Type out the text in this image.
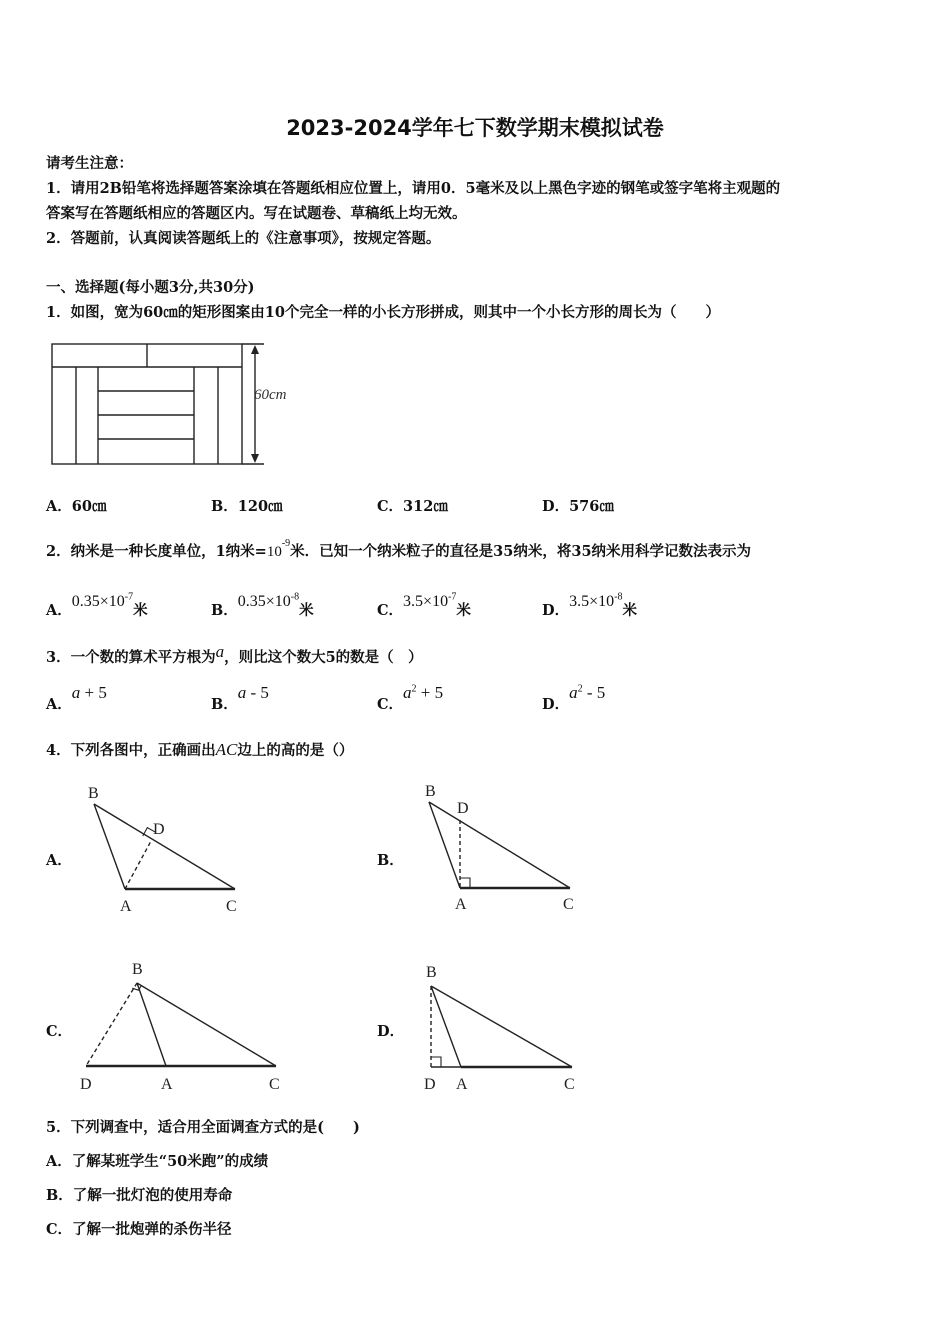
2023-2024学年七下数学期末模拟试卷
请考生注意：
1．请用2B铅笔将选择题答案涂填在答题纸相应位置上，请用0．5毫米及以上黑色字迹的钢笔或签字笔将主观题的
答案写在答题纸相应的答题区内。写在试题卷、草稿纸上均无效。
2．答题前，认真阅读答题纸上的《注意事项》，按规定答题。
一、选择题(每小题3分,共30分)
1．如图，宽为60㎝的矩形图案由10个完全一样的小长方形拼成，则其中一个小长方形的周长为（　　）
60cm
A．60㎝	B．120㎝	C．312㎝	D．576㎝
2．纳米是一种长度单位，1纳米$=10^{-9}$米．已知一个纳米粒子的直径是35纳米，将35纳米用科学记数法表示为
A．$0.35\times 10^{-7}$米	B．$0.35\times 10^{-8}$米	C．$3.5\times 10^{-7}$米	D．$3.5\times 10^{-8}$米
3．一个数的算术平方根为a，则比这个数大5的数是（　）
A．a + 5
B．a - 5
C．$a^2 + 5$
D．$a^2 - 5$
4．下列各图中，正确画出AC边上的高的是（）
A．
B
D
A	C
B．
B
D
A	C
C．
B
D	A	C
D．
B
D A	C
5．下列调查中，适合用全面调查方式的是(　　)
A．了解某班学生“50米跑”的成绩
B．了解一批灯泡的使用寿命
C．了解一批炮弹的杀伤半径
